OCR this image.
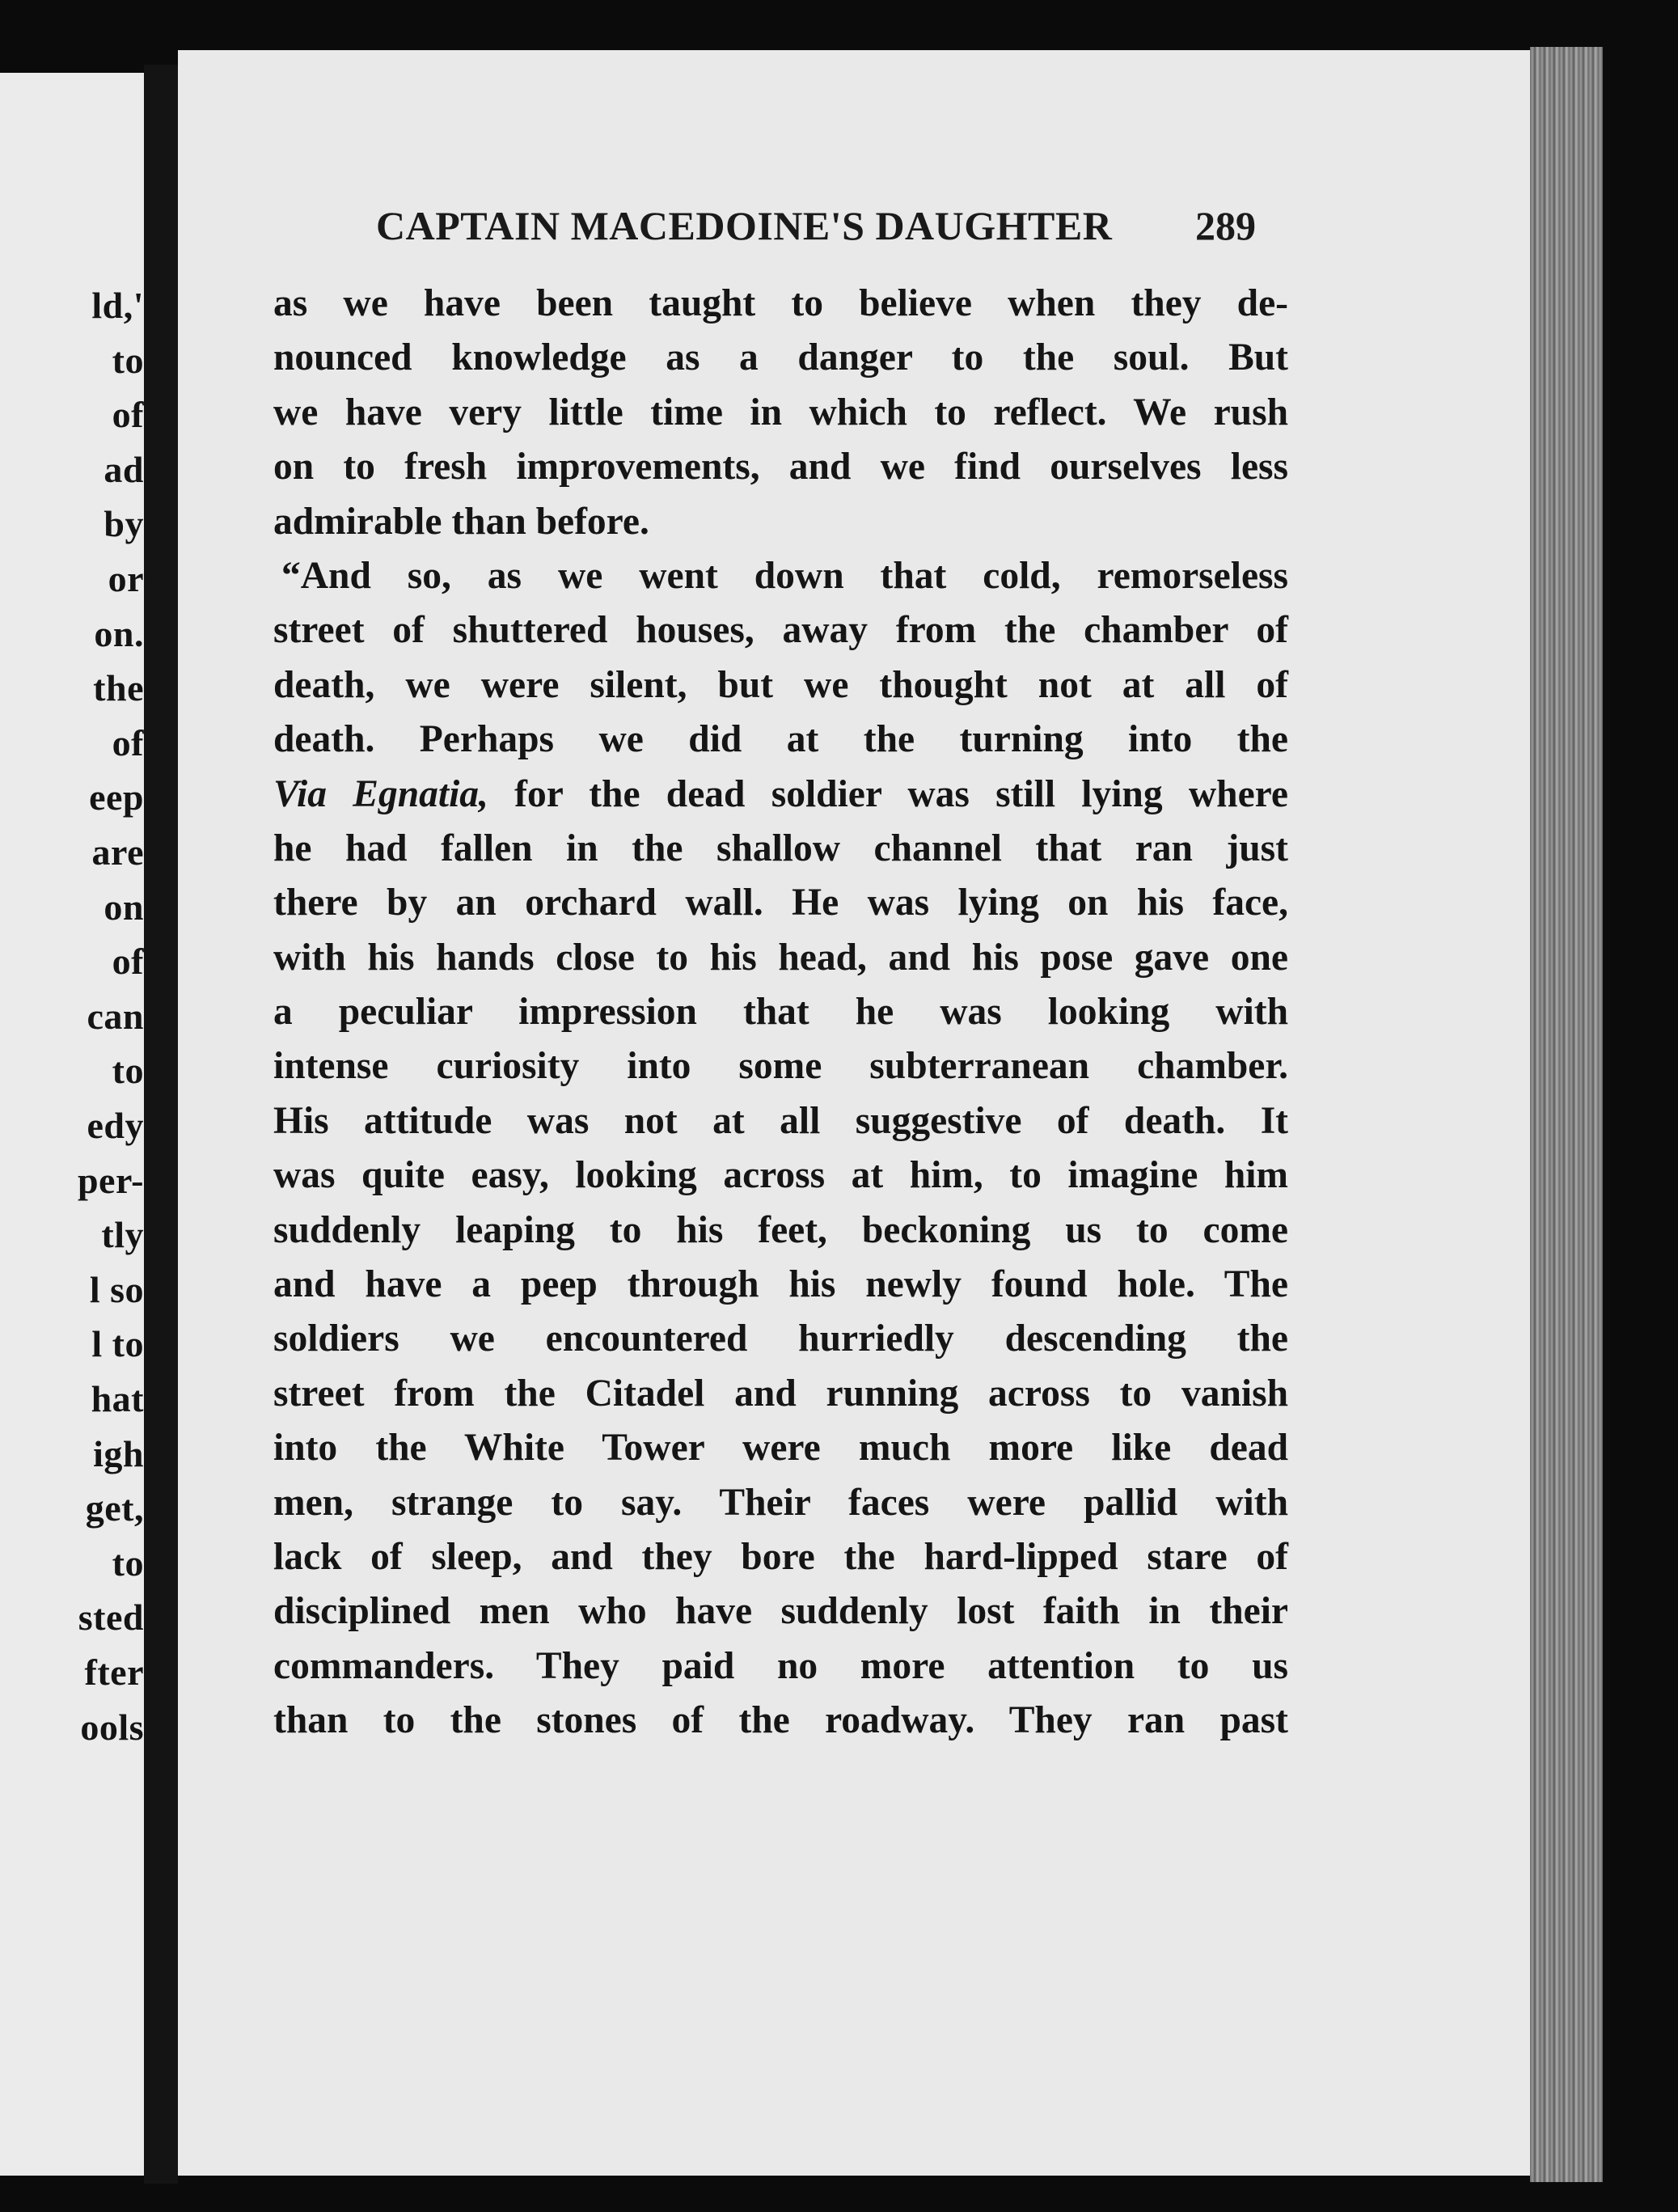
ld,'
to
of
ad
by
or
on.
the
of
eep
are
on
of
can
to
edy
per-
tly
l so
l to
hat
igh
get,
to
sted
fter
ools
CAPTAIN MACEDOINE'S DAUGHTER	289
as we have been taught to believe when they de-
nounced knowledge as a danger to the soul. But
we have very little time in which to reflect. We rush
on to fresh improvements, and we find ourselves less
admirable than before.
“And so, as we went down that cold, remorseless
street of shuttered houses, away from the chamber of
death, we were silent, but we thought not at all of
death. Perhaps we did at the turning into the
Via Egnatia, for the dead soldier was still lying where
he had fallen in the shallow channel that ran just
there by an orchard wall. He was lying on his face,
with his hands close to his head, and his pose gave one
a peculiar impression that he was looking with
intense curiosity into some subterranean chamber.
His attitude was not at all suggestive of death. It
was quite easy, looking across at him, to imagine him
suddenly leaping to his feet, beckoning us to come
and have a peep through his newly found hole. The
soldiers we encountered hurriedly descending the
street from the Citadel and running across to vanish
into the White Tower were much more like dead
men, strange to say. Their faces were pallid with
lack of sleep, and they bore the hard-lipped stare of
disciplined men who have suddenly lost faith in their
commanders. They paid no more attention to us
than to the stones of the roadway. They ran past
